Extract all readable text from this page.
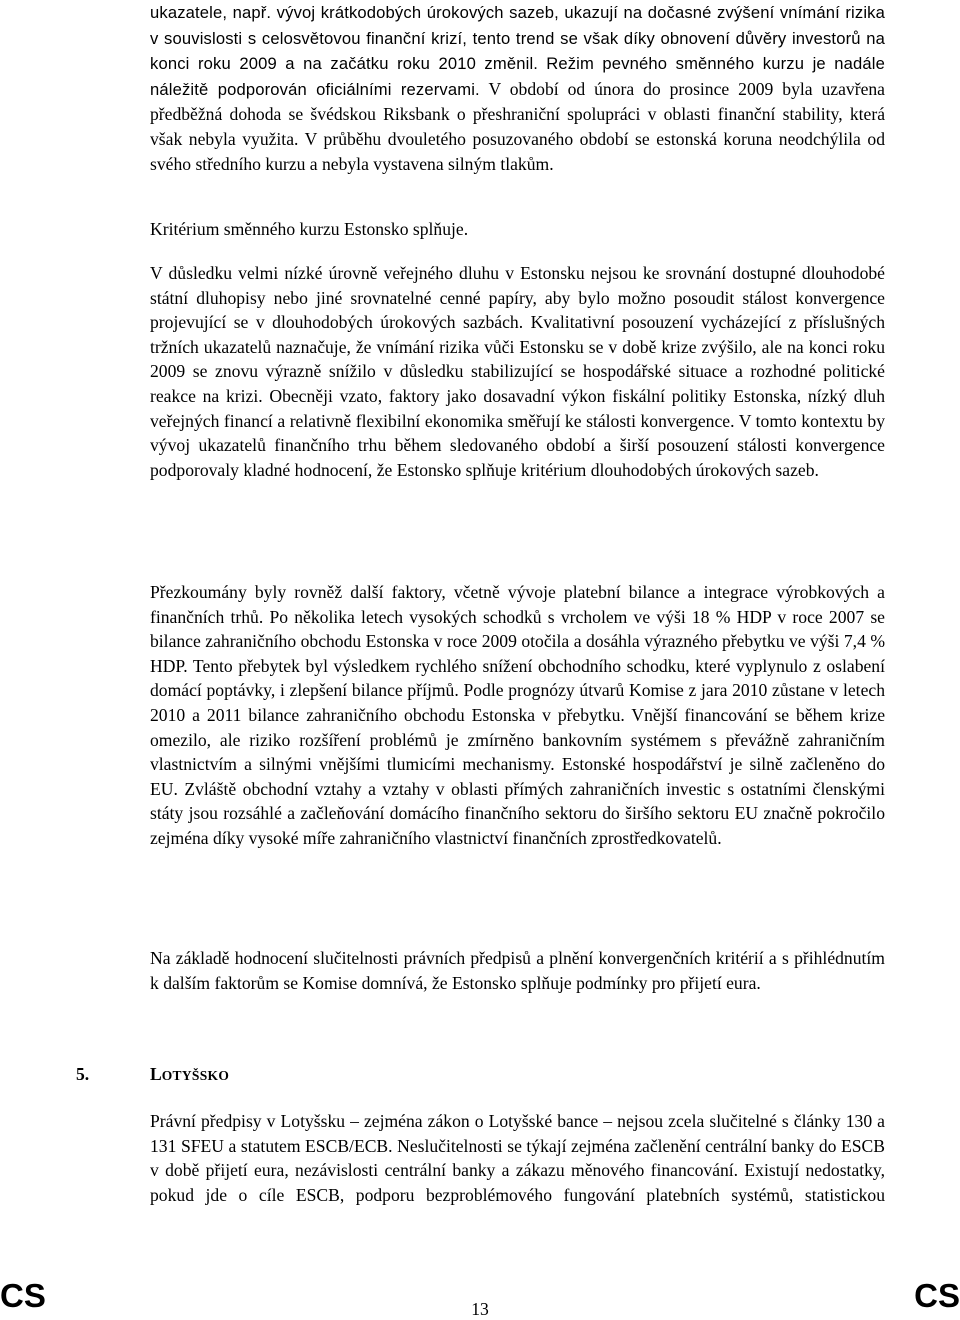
ukazatele, např. vývoj krátkodobých úrokových sazeb, ukazují na dočasné zvýšení vnímání rizika v souvislosti s celosvětovou finanční krizí, tento trend se však díky obnovení důvěry investorů na konci roku 2009 a na začátku roku 2010 změnil. Režim pevného směnného kurzu je nadále náležitě podporován oficiálními rezervami. V období od února do prosince 2009 byla uzavřena předběžná dohoda se švédskou Riksbank o přeshraniční spolupráci v oblasti finanční stability, která však nebyla využita. V průběhu dvouletého posuzovaného období se estonská koruna neodchýlila od svého středního kurzu a nebyla vystavena silným tlakům.

Kritérium směnného kurzu Estonsko splňuje.

V důsledku velmi nízké úrovně veřejného dluhu v Estonsku nejsou ke srovnání dostupné dlouhodobé státní dluhopisy nebo jiné srovnatelné cenné papíry, aby bylo možno posoudit stálost konvergence projevující se v dlouhodobých úrokových sazbách. Kvalitativní posouzení vycházející z příslušných tržních ukazatelů naznačuje, že vnímání rizika vůči Estonsku se v době krize zvýšilo, ale na konci roku 2009 se znovu výrazně snížilo v důsledku stabilizující se hospodářské situace a rozhodné politické reakce na krizi. Obecněji vzato, faktory jako dosavadní výkon fiskální politiky Estonska, nízký dluh veřejných financí a relativně flexibilní ekonomika směřují ke stálosti konvergence. V tomto kontextu by vývoj ukazatelů finančního trhu během sledovaného období a širší posouzení stálosti konvergence podporovaly kladné hodnocení, že Estonsko splňuje kritérium dlouhodobých úrokových sazeb.

Přezkoumány byly rovněž další faktory, včetně vývoje platební bilance a integrace výrobkových a finančních trhů. Po několika letech vysokých schodků s vrcholem ve výši 18 % HDP v roce 2007 se bilance zahraničního obchodu Estonska v roce 2009 otočila a dosáhla výrazného přebytku ve výši 7,4 % HDP. Tento přebytek byl výsledkem rychlého snížení obchodního schodku, které vyplynulo z oslabení domácí poptávky, i zlepšení bilance příjmů. Podle prognózy útvarů Komise z jara 2010 zůstane v letech 2010 a 2011 bilance zahraničního obchodu Estonska v přebytku. Vnější financování se během krize omezilo, ale riziko rozšíření problémů je zmírněno bankovním systémem s převážně zahraničním vlastnictvím a silnými vnějšími tlumicími mechanismy. Estonské hospodářství je silně začleněno do EU. Zvláště obchodní vztahy a vztahy v oblasti přímých zahraničních investic s ostatními členskými státy jsou rozsáhlé a začleňování domácího finančního sektoru do širšího sektoru EU značně pokročilo zejména díky vysoké míře zahraničního vlastnictví finančních zprostředkovatelů.

Na základě hodnocení slučitelnosti právních předpisů a plnění konvergenčních kritérií a s přihlédnutím k dalším faktorům se Komise domnívá, že Estonsko splňuje podmínky pro přijetí eura.

5.	LOTYŠSKO

Právní předpisy v Lotyšsku – zejména zákon o Lotyšské bance – nejsou zcela slučitelné s články 130 a 131 SFEU a statutem ESCB/ECB. Neslučitelnosti se týkají zejména začlenění centrální banky do ESCB v době přijetí eura, nezávislosti centrální banky a zákazu měnového financování. Existují nedostatky, pokud jde o cíle ESCB, podporu bezproblémového fungování platebních systémů, statistickou

CS	13	CS
